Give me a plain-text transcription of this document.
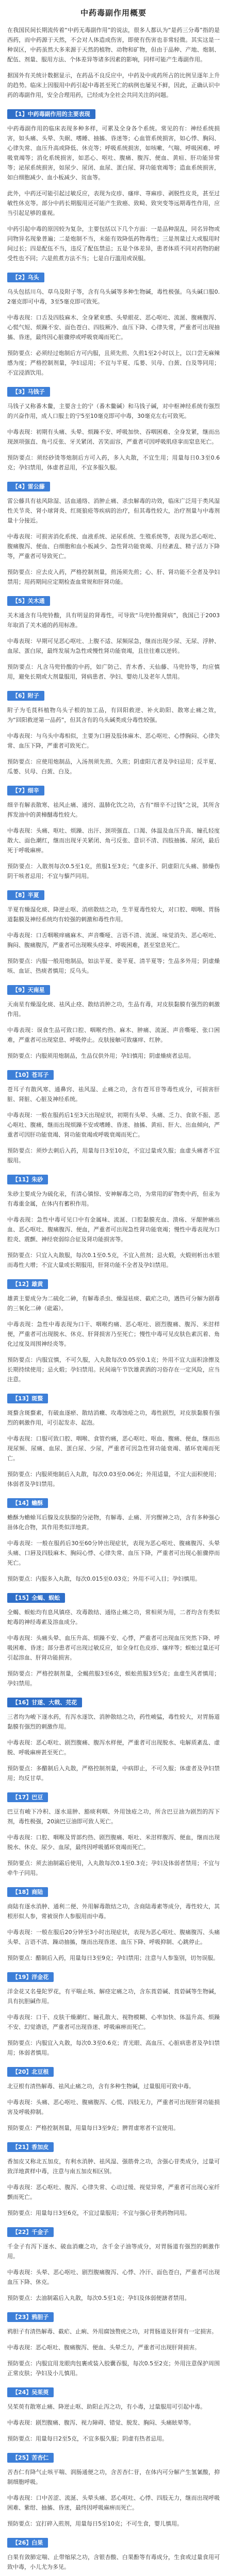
中药毒副作用概要

在我国民间长期流传着“中药无毒副作用”的说法，很多人都认为“是药三分毒”指的是西药，而中药源于天然，不会对人体造成伤害，即使有伤害也非常轻微。其实这是一种误区，中药虽然大多来源于天然的植物、动物和矿物，但由于品种、产地、炮制、配伍、剂量、服用方法、个体差异等诸多因素的影响，同样可能产生毒副作用。

据国外有关统计数据显示，在药品不良反应中，中药及中成药所占的比例呈逐年上升的趋势。临床上因服用中药引起中毒甚至死亡的病例也屡见不鲜，因此，正确认识中药的毒副作用，安全合理用药，已经成为全社会共同关注的问题。

【1】中药毒副作用的主要表现

中药毒副作用的临床表现多种多样，可累及全身各个系统。常见的有：神经系统损害，如头痛、头晕、失眠、嗜睡、抽搐、昏迷等；心血管系统损害，如心悸、胸闷、心律失常、血压升高或降低、休克等；呼吸系统损害，如咳嗽、气喘、呼吸困难、呼吸衰竭等；消化系统损害，如恶心、呕吐、腹痛、腹泻、便血、黄疸、肝功能异常等；泌尿系统损害，如尿少、尿闭、血尿、蛋白尿、肾功能衰竭等；造血系统损害，如白细胞减少、血小板减少、贫血等。

此外，中药还可能引起过敏反应，表现为皮疹、瘙痒、荨麻疹、剥脱性皮炎，甚至过敏性休克等。部分中药长期服用还可能产生致癌、致畸、致突变等远期毒性作用，应当引起足够的重视。

中药引起中毒的原因较为复杂，主要包括以下几个方面：一是品种混乱，同名异物或同物异名现象普遍；二是炮制不当，未能有效降低药物毒性；三是剂量过大或服用时间过长；四是配伍不当，违反了配伍禁忌；五是个体差异，患者体质不同对药物的耐受性也不同；六是煎煮方法不当；七是自行滥用或误服。

【2】乌头

乌头包括川乌、草乌及附子等，含有乌头碱等多种生物碱，毒性极强。乌头碱口服0.2毫克即可中毒，3至5毫克即可致死。

中毒表现：口舌及四肢麻木、全身紧束感、头晕眼花、恶心呕吐、流涎、腹痛腹泻、心慌气短、烦躁不安、面色苍白、四肢厥冷、血压下降、心律失常，严重者可出现抽搐、昏迷，最终因心脏骤停或呼吸衰竭而死亡。

预防要点：必须经过炮制后方可内服，且须先煎、久煎1至2小时以上，以口尝无麻辣感为度；严格控制剂量，孕妇忌用；不宜与半夏、瓜蒌、贝母、白蔹、白及等同用；不宜浸酒饮用。

【3】马钱子

马钱子又称番木鳖，主要含士的宁（番木鳖碱）和马钱子碱，对中枢神经系统有强烈的兴奋作用，成人口服士的宁5至10毫克即可中毒，30毫克左右可致死。

中毒表现：初期有头痛、头晕、烦躁不安、呼吸加快、吞咽困难、全身发紧，继而出现颈项强直、角弓反张、牙关紧闭、苦笑面容，严重者可因呼吸肌痉挛而窒息死亡。

预防要点：须经砂烫等炮制后方可入药，多入丸散，不宜生用；用量每日0.3至0.6克；孕妇禁用，体虚者忌用，不宜多服久服。

【4】雷公藤

雷公藤具有祛风除湿、活血通络、消肿止痛、杀虫解毒的功效，临床广泛用于类风湿性关节炎、肾小球肾炎、红斑狼疮等疾病的治疗，但其毒性较大，治疗剂量与中毒剂量十分接近。

中毒表现：可损害消化系统、血液系统、泌尿系统、生殖系统等，表现为恶心呕吐、腹痛腹泻、便血、白细胞和血小板减少、急性肾功能衰竭、月经紊乱、精子活力下降等，严重者可导致死亡。

预防要点：应去皮入药，严格控制剂量，煎汤须先煎；心、肝、肾功能不全者及孕妇禁用；用药期间应定期检查血常规和肝肾功能。

【5】关木通

关木通含有马兜铃酸，具有明显的肾毒性，可导致“马兜铃酸肾病”，我国已于2003年取消了关木通的药用标准。

中毒表现：早期可见恶心呕吐、上腹不适、尿频尿急，继而出现少尿、无尿、浮肿、血尿、蛋白尿，最终发展为急性或慢性肾功能衰竭，且往往难以逆转。

预防要点：凡含马兜铃酸的中药，如广防己、青木香、天仙藤、马兜铃等，均应慎用，避免长期或大剂量服用，肾病患者、孕妇、婴幼儿及老年人禁用。

【6】附子

附子为毛茛科植物乌头子根的加工品，有回阳救逆、补火助阳、散寒止痛之效，为“回阳救逆第一品药”，但其含有的乌头碱类成分毒性较强。

中毒表现：与乌头中毒相似，主要为口唇及肢体麻木、恶心呕吐、心悸胸闷、心律失常、血压下降，严重者可致死亡。

预防要点：应使用炮制品，入汤剂须先煎、久煎；阴虚阳亢者及孕妇忌用；反半夏、瓜蒌、贝母、白蔹、白及。

【7】细辛

细辛有解表散寒、祛风止痛、通窍、温肺化饮之功，古有“细辛不过钱”之说，其所含挥发油中的黄樟醚毒性较大。

中毒表现：头痛、呕吐、烦躁、出汗、颈项强直、口渴、体温及血压升高、瞳孔轻度散大、面色潮红，继而出现牙关紧闭、角弓反张、意识不清、四肢抽搐、尿闭，最后死于呼吸麻痹。

预防要点：入散剂每次0.5至1克，煎服1至3克；气虚多汗、阴虚阳亢头痛、肺燥伤阴干咳者忌用；不宜与藜芦同用。

【8】半夏

半夏有燥湿化痰、降逆止呕、消痞散结之功，生半夏毒性较大，对口腔、咽喉、胃肠道黏膜及神经系统均有较强的刺激和毒性作用。

中毒表现：口舌咽喉痒痛麻木、声音嘶哑、言语不清、流涎、味觉消失、恶心呕吐、胸闷、腹痛腹泻，严重者可出现喉头痉挛、呼吸困难，甚至窒息死亡。

预防要点：内服一般用炮制品，如法半夏、姜半夏、清半夏等；生品多外用；阴虚燥咳、血证、热痰者慎用；反乌头。

【9】天南星

天南星有燥湿化痰、祛风止痉、散结消肿之功，生品有毒，对皮肤黏膜有强烈的刺激作用。

中毒表现：误食生品可致口腔、咽喉灼热、麻木、肿痛、流涎、声音嘶哑、张口困难，严重者可出现窒息、呼吸停止。皮肤接触可致瘙痒、红肿。

预防要点：内服须用炮制品，生品仅供外用；孕妇慎用；阴虚燥痰者忌用。

【10】苍耳子

苍耳子有散风寒、通鼻窍、祛风湿、止痛之功，含有苍耳苷等毒性成分，可损害肝脏、肾脏、心脏及神经系统。

中毒表现：一般在服药后1至3天出现症状，初期有头晕、头痛、乏力、食欲不振、恶心呕吐、腹痛，继而出现烦躁不安或嗜睡、昏迷、抽搐、黄疸、肝大、出血倾向，严重者可因肝功能衰竭、肾功能衰竭或呼吸衰竭而死亡。

预防要点：须炒去刺后入药，用量每日3至10克，不宜过量或久服；血虚头痛者不宜服用。

【11】朱砂

朱砂主要成分为硫化汞，有清心镇惊、安神解毒之功，为常用的矿物类中药，但汞为有毒重金属，在体内有蓄积作用。

中毒表现：急性中毒可见口中有金属味、流涎、口腔黏膜充血、溃疡、牙龈肿痛出血、恶心呕吐、腹痛腹泻、便血，严重者可出现急性肾功能衰竭；慢性中毒表现为口腔炎、震颤、神经衰弱综合征及肾功能损害等。

预防要点：只宜入丸散服，每次0.1至0.5克，不宜入煎剂；忌火煅，火煅则析出水银而毒性大增；不宜大量或长期服用，肝肾功能不全者及孕妇禁用。

【12】雄黄

雄黄主要成分为二硫化二砷，有解毒杀虫、燥湿祛痰、截疟之功，遇热可分解为剧毒的三氧化二砷（砒霜）。

中毒表现：急性中毒表现为口干、咽喉灼痛、恶心呕吐、剧烈腹痛、腹泻、米泔样便，严重者可出现脱水、休克、肝肾损害乃至死亡；慢性中毒可见皮肤色素沉着、角化过度及周围神经炎等。

预防要点：内服宜慎，不可久服，入丸散每次0.05至0.1克；外用不宜大面积涂擦及长期持续使用；忌火煅；孕妇禁用。民间端午节饮雄黄酒的习俗存在一定风险，应当注意。

【13】斑蝥

斑蝥含斑蝥素，有破血逐瘀、散结消癥、攻毒蚀疮之功，毒性剧烈，对皮肤黏膜有强烈的刺激作用，可引起发赤、起泡。

中毒表现：口服可致口腔、咽喉、食管灼痛，恶心呕吐、呕血、腹痛、便血，继而出现尿频、尿痛、血尿、蛋白尿、少尿，严重者可因急性肾功能衰竭、循环衰竭而死亡。

预防要点：内服须炮制后入丸散，每次0.03至0.06克；外用适量，不宜大面积使用；体弱者及孕妇禁用。

【14】蟾酥

蟾酥为蟾蜍耳后腺及皮肤腺的分泌物，有解毒、止痛、开窍醒神之功，含有多种强心甾体化合物，其作用类似洋地黄。

中毒表现：一般在服药后30至60分钟出现症状，表现为恶心呕吐、腹痛腹泻、头晕头痛、口唇及四肢麻木、胸闷心悸、心律失常、血压下降，严重者可出现心脏骤停而死亡。

预防要点：内服多入丸散，每次0.015至0.03克；外用不可入目；孕妇慎用。

【15】全蝎、蜈蚣

全蝎、蜈蚣均有息风镇痉、攻毒散结、通络止痛之功，常相须为用，二者均含有类似蛇毒的神经毒素及溶血成分。

中毒表现：头痛头晕、血压升高、烦躁不安、心悸，严重者可出现血压突然下降、呼吸困难、昏迷；部分患者可出现过敏反应，如全身红色皮疹、瘙痒等；蜈蚣过量还可引起溶血、肝肾功能损害。

预防要点：严格控制剂量，全蝎煎服3至6克，蜈蚣煎服3至5克；血虚生风者慎用；孕妇禁用。

【16】甘遂、大戟、芫花

三者均为峻下逐水药，有泻水逐饮、消肿散结之功，药性峻猛，毒性较大，对胃肠道黏膜有强烈的刺激作用。

中毒表现：恶心呕吐、剧烈腹痛、腹泻水样便，严重者可出现脱水、电解质紊乱、虚脱、呼吸麻痹甚至死亡。

预防要点：多醋制后入丸散，严格控制剂量，中病即止，不可久服；体虚者及孕妇禁用；均反甘草。

【17】巴豆

巴豆有峻下冷积、逐水退肿、豁痰利咽、外用蚀疮之功，所含巴豆油为剧烈的泻下剂，毒性极强，20滴巴豆油即可致人死亡。

中毒表现：口腔、咽喉及胃部灼热、剧烈腹痛、呕吐、米泔样腹泻、便血，继而出现脱水、休克、尿少、血尿，最终因呼吸循环衰竭而死亡。

预防要点：须去油制霜后使用，入丸散每次0.1至0.3克；孕妇及体弱者禁用；不宜与牵牛子同用。

【18】商陆

商陆有逐水消肿、通利二便、外用解毒散结之功，含商陆毒素等成分，毒性较大，其根形似人参，常被误作人参服用而中毒。

中毒表现：一般在服后20分钟至3小时出现症状，表现为恶心呕吐、腹痛腹泻、头痛头晕、言语不清、躁动抽搐，继而出现昏迷、血压下降、呼吸抑制、心跳停止。

预防要点：醋制后入药，用量每日3至9克；孕妇禁用；注意与人参鉴别，切勿误服。

【19】洋金花

洋金花又名曼陀罗花，有平喘止咳、解痉定痛之功，含东莨菪碱、莨菪碱等生物碱，具有抗胆碱作用。

中毒表现：口干、皮肤干燥潮红、瞳孔散大、视物模糊、心率加快、体温升高、烦躁不安、幻觉谵语，严重者可出现昏迷、呼吸麻痹而死亡。

预防要点：内服宜入丸散，每次0.3至0.6克；青光眼、高血压、心脏病患者及孕妇禁用；体弱者慎用。

【20】北豆根

北豆根有清热解毒、祛风止痛之功，含有多种生物碱，过量服用可致中毒。

中毒表现：头痛、恶心呕吐、腹痛腹泻、心慌、四肢无力，严重者可出现肝肾功能损害及呼吸抑制。

预防要点：严格控制剂量，用量每日3至9克；脾胃虚寒者不宜使用。

【21】香加皮

香加皮又称北五加皮，有利水消肿、祛风湿、强筋骨之功，含强心苷类成分，过量可致洋地黄样中毒，注意与南五加皮相区别。

中毒表现：恶心呕吐、腹泻、心律失常、心动过缓、视觉异常，严重者可出现心室纤颤而死亡。

预防要点：用量每日3至6克，不宜过量服用；不宜与强心苷类药物同用。

【22】千金子

千金子有泻下逐水、破血消癥之功，含千金子油等成分，对胃肠道有强烈的刺激作用。

中毒表现：头晕、恶心呕吐、剧烈腹痛腹泻、心悸、冷汗、面色苍白，严重者可出现血压下降、休克。

预防要点：去油制霜后入丸散，每次0.5至1克；孕妇及体弱便溏者禁用。

【23】鸦胆子

鸦胆子有清热解毒、截疟、止痢、外用腐蚀赘疣之功，对胃肠道及肝肾有一定损害。

中毒表现：恶心呕吐、腹痛腹泻、便血、头晕乏力，严重者可出现肝肾损害。

预防要点：内服宜用龙眼肉包裹或装入胶囊吞服，每次0.5至2克；外用注意保护周围正常皮肤；孕妇及小儿慎用。

【24】吴茱萸

吴茱萸有散寒止痛、降逆止呕、助阳止泻之功，有小毒，过量服用可引起中毒。

中毒表现：剧烈腹痛、腹泻、视力障碍、错觉、脱发、胸闷、头痛眩晕等。

预防要点：用量每日2至5克，不宜多服久服；阴虚有热者忌用。

【25】苦杏仁

苦杏仁有降气止咳平喘、润肠通便之功，含苦杏仁苷，在体内可分解产生氢氰酸，抑制细胞呼吸。

中毒表现：口中苦涩、流涎、头晕头痛、恶心呕吐、心悸、四肢无力，继而出现呼吸困难、紫绀、抽搐、昏迷，最终因呼吸麻痹而死亡。

预防要点：宜打碎入煎剂，用量每日5至10克；不可生食，婴儿慎用。

【26】白果

白果有敛肺定喘、止带缩尿之功，含银杏酸、白果酚等有毒成分，生食或过量食用可致中毒，小儿尤为多见。
